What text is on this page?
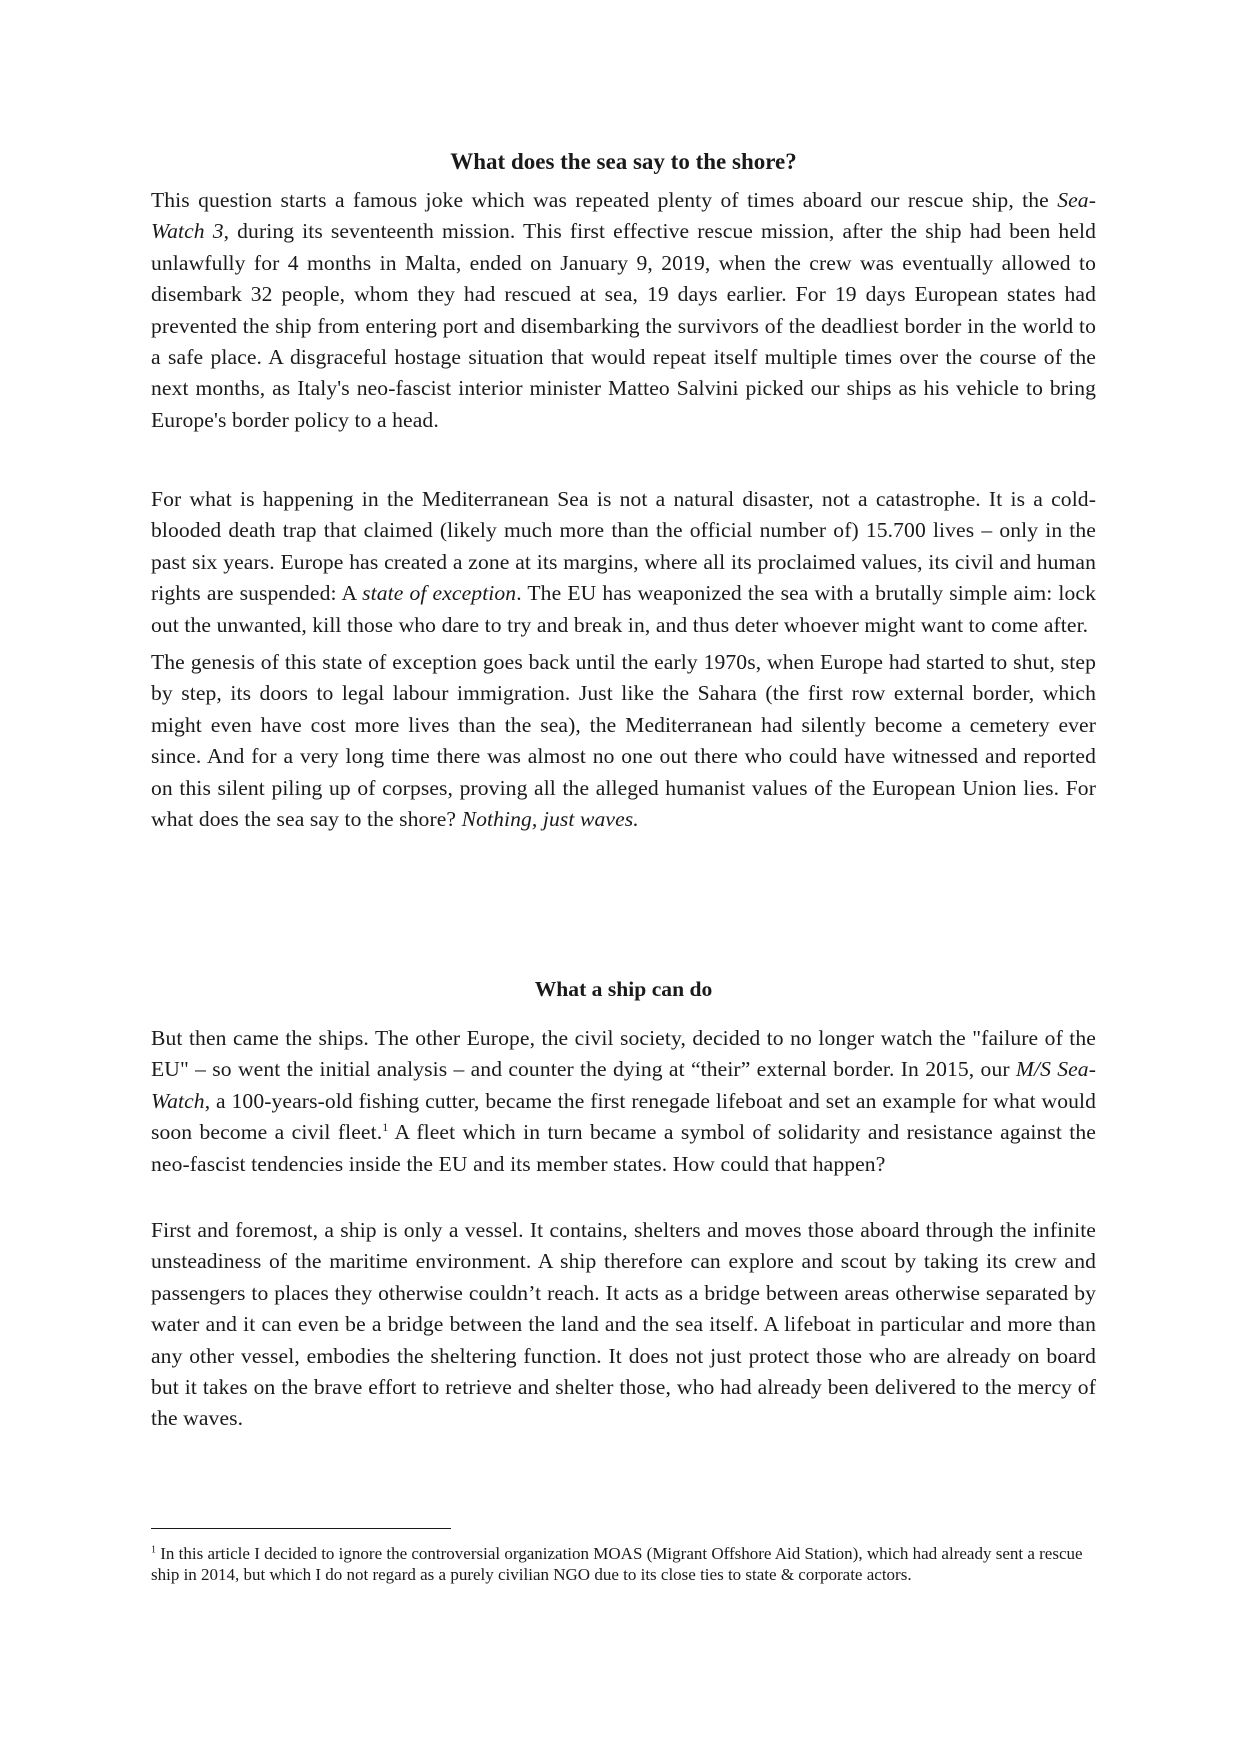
What does the sea say to the shore?

This question starts a famous joke which was repeated plenty of times aboard our rescue ship, the Sea-Watch 3, during its seventeenth mission. This first effective rescue mission, after the ship had been held unlawfully for 4 months in Malta, ended on January 9, 2019, when the crew was eventually allowed to disembark 32 people, whom they had rescued at sea, 19 days earlier. For 19 days European states had prevented the ship from entering port and disembarking the survivors of the deadliest border in the world to a safe place. A disgraceful hostage situation that would repeat itself multiple times over the course of the next months, as Italy's neo-fascist interior minister Matteo Salvini picked our ships as his vehicle to bring Europe's border policy to a head.

For what is happening in the Mediterranean Sea is not a natural disaster, not a catastrophe. It is a cold-blooded death trap that claimed (likely much more than the official number of) 15.700 lives – only in the past six years. Europe has created a zone at its margins, where all its proclaimed values, its civil and human rights are suspended: A state of exception. The EU has weaponized the sea with a brutally simple aim: lock out the unwanted, kill those who dare to try and break in, and thus deter whoever might want to come after.

The genesis of this state of exception goes back until the early 1970s, when Europe had started to shut, step by step, its doors to legal labour immigration. Just like the Sahara (the first row external border, which might even have cost more lives than the sea), the Mediterranean had silently become a cemetery ever since. And for a very long time there was almost no one out there who could have witnessed and reported on this silent piling up of corpses, proving all the alleged humanist values of the European Union lies. For what does the sea say to the shore? Nothing, just waves.

What a ship can do

But then came the ships. The other Europe, the civil society, decided to no longer watch the "failure of the EU" – so went the initial analysis – and counter the dying at “their” external border. In 2015, our M/S Sea-Watch, a 100-years-old fishing cutter, became the first renegade lifeboat and set an example for what would soon become a civil fleet.$^1$ A fleet which in turn became a symbol of solidarity and resistance against the neo-fascist tendencies inside the EU and its member states. How could that happen?

First and foremost, a ship is only a vessel. It contains, shelters and moves those aboard through the infinite unsteadiness of the maritime environment. A ship therefore can explore and scout by taking its crew and passengers to places they otherwise couldn’t reach. It acts as a bridge between areas otherwise separated by water and it can even be a bridge between the land and the sea itself. A lifeboat in particular and more than any other vessel, embodies the sheltering function. It does not just protect those who are already on board but it takes on the brave effort to retrieve and shelter those, who had already been delivered to the mercy of the waves.

$^1$ In this article I decided to ignore the controversial organization MOAS (Migrant Offshore Aid Station), which had already sent a rescue ship in 2014, but which I do not regard as a purely civilian NGO due to its close ties to state & corporate actors.
